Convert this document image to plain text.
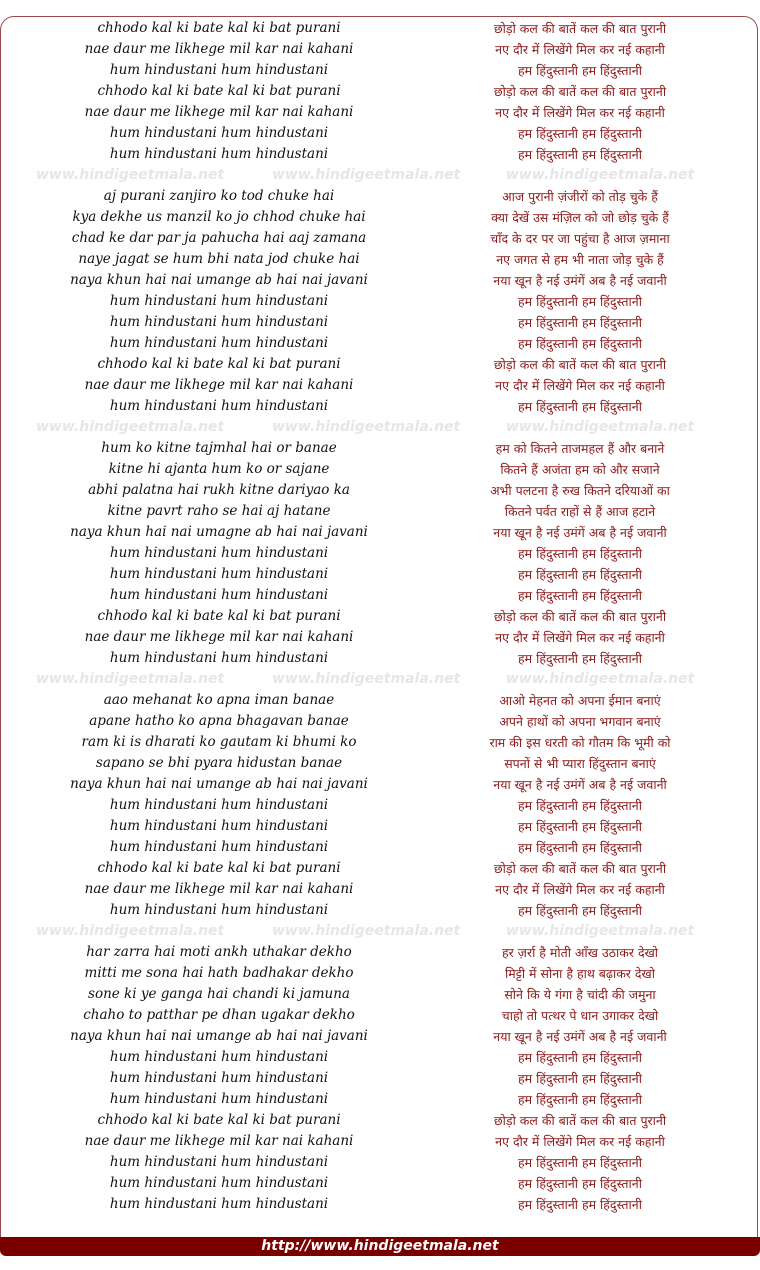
chhodo kal ki bate kal ki bat purani	छोड़ो कल की बातें कल की बात पुरानी
nae daur me likhege mil kar nai kahani	नए दौर में लिखेंगे मिल कर नई कहानी
hum hindustani hum hindustani	हम हिंदुस्तानी हम हिंदुस्तानी
chhodo kal ki bate kal ki bat purani	छोड़ो कल की बातें कल की बात पुरानी
nae daur me likhege mil kar nai kahani	नए दौर में लिखेंगे मिल कर नई कहानी
hum hindustani hum hindustani	हम हिंदुस्तानी हम हिंदुस्तानी
hum hindustani hum hindustani	हम हिंदुस्तानी हम हिंदुस्तानी
www.hindigeetmala.net	www.hindigeetmala.net	www.hindigeetmala.net
aj purani zanjiro ko tod chuke hai	आज पुरानी ज़ंजीरों को तोड़ चुके हैं
kya dekhe us manzil ko jo chhod chuke hai	क्या देखें उस मंज़िल को जो छोड़ चुके हैं
chad ke dar par ja pahucha hai aaj zamana	चाँद के दर पर जा पहुंचा है आज ज़माना
naye jagat se hum bhi nata jod chuke hai	नए जगत से हम भी नाता जोड़ चुके हैं
naya khun hai nai umange ab hai nai javani	नया खून है नई उमंगें अब है नई जवानी
hum hindustani hum hindustani	हम हिंदुस्तानी हम हिंदुस्तानी
hum hindustani hum hindustani	हम हिंदुस्तानी हम हिंदुस्तानी
hum hindustani hum hindustani	हम हिंदुस्तानी हम हिंदुस्तानी
chhodo kal ki bate kal ki bat purani	छोड़ो कल की बातें कल की बात पुरानी
nae daur me likhege mil kar nai kahani	नए दौर में लिखेंगे मिल कर नई कहानी
hum hindustani hum hindustani	हम हिंदुस्तानी हम हिंदुस्तानी
www.hindigeetmala.net	www.hindigeetmala.net	www.hindigeetmala.net
hum ko kitne tajmhal hai or banae	हम को कितने ताजमहल हैं और बनाने
kitne hi ajanta hum ko or sajane	कितने हैं अजंता हम को और सजाने
abhi palatna hai rukh kitne dariyao ka	अभी पलटना है रुख कितने दरियाओं का
kitne pavrt raho se hai aj hatane	कितने पर्वत राहों से हैं आज हटाने
naya khun hai nai umagne ab hai nai javani	नया खून है नई उमंगें अब है नई जवानी
hum hindustani hum hindustani	हम हिंदुस्तानी हम हिंदुस्तानी
hum hindustani hum hindustani	हम हिंदुस्तानी हम हिंदुस्तानी
hum hindustani hum hindustani	हम हिंदुस्तानी हम हिंदुस्तानी
chhodo kal ki bate kal ki bat purani	छोड़ो कल की बातें कल की बात पुरानी
nae daur me likhege mil kar nai kahani	नए दौर में लिखेंगे मिल कर नई कहानी
hum hindustani hum hindustani	हम हिंदुस्तानी हम हिंदुस्तानी
www.hindigeetmala.net	www.hindigeetmala.net	www.hindigeetmala.net
aao mehanat ko apna iman banae	आओ मेहनत को अपना ईमान बनाएं
apane hatho ko apna bhagavan banae	अपने हाथों को अपना भगवान बनाएं
ram ki is dharati ko gautam ki bhumi ko	राम की इस धरती को गौतम कि भूमी को
sapano se bhi pyara hidustan banae	सपनों से भी प्यारा हिंदुस्तान बनाएं
naya khun hai nai umange ab hai nai javani	नया खून है नई उमंगें अब है नई जवानी
hum hindustani hum hindustani	हम हिंदुस्तानी हम हिंदुस्तानी
hum hindustani hum hindustani	हम हिंदुस्तानी हम हिंदुस्तानी
hum hindustani hum hindustani	हम हिंदुस्तानी हम हिंदुस्तानी
chhodo kal ki bate kal ki bat purani	छोड़ो कल की बातें कल की बात पुरानी
nae daur me likhege mil kar nai kahani	नए दौर में लिखेंगे मिल कर नई कहानी
hum hindustani hum hindustani	हम हिंदुस्तानी हम हिंदुस्तानी
www.hindigeetmala.net	www.hindigeetmala.net	www.hindigeetmala.net
har zarra hai moti ankh uthakar dekho	हर ज़र्रा है मोती आँख उठाकर देखो
mitti me sona hai hath badhakar dekho	मिट्टी में सोना है हाथ बढ़ाकर देखो
sone ki ye ganga hai chandi ki jamuna	सोने कि ये गंगा है चांदी की जमुना
chaho to patthar pe dhan ugakar dekho	चाहो तो पत्थर पे धान उगाकर देखो
naya khun hai nai umange ab hai nai javani	नया खून है नई उमंगें अब है नई जवानी
hum hindustani hum hindustani	हम हिंदुस्तानी हम हिंदुस्तानी
hum hindustani hum hindustani	हम हिंदुस्तानी हम हिंदुस्तानी
hum hindustani hum hindustani	हम हिंदुस्तानी हम हिंदुस्तानी
chhodo kal ki bate kal ki bat purani	छोड़ो कल की बातें कल की बात पुरानी
nae daur me likhege mil kar nai kahani	नए दौर में लिखेंगे मिल कर नई कहानी
hum hindustani hum hindustani	हम हिंदुस्तानी हम हिंदुस्तानी
hum hindustani hum hindustani	हम हिंदुस्तानी हम हिंदुस्तानी
hum hindustani hum hindustani	हम हिंदुस्तानी हम हिंदुस्तानी
http://www.hindigeetmala.net
